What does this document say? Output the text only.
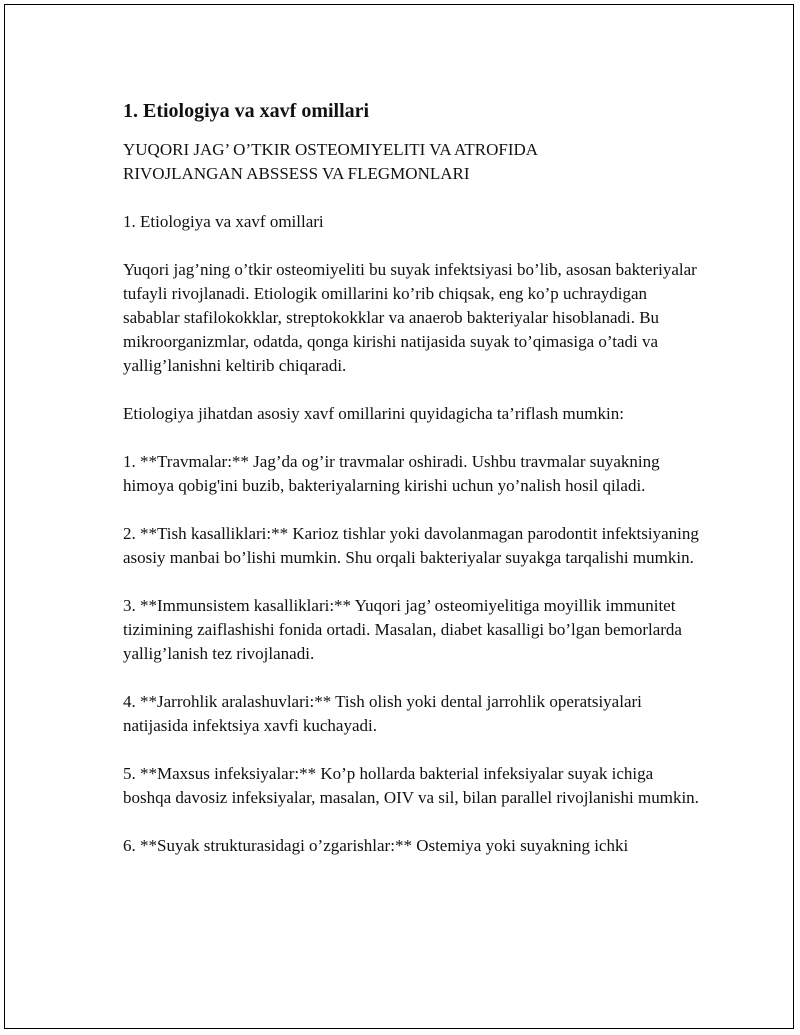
1. Etiologiya va xavf omillari
YUQORI JAG’ O’TKIR OSTEOMIYELITI VA ATROFIDA
RIVOJLANGAN ABSSESS VA FLEGMONLARI

1. Etiologiya va xavf omillari

Yuqori jag’ning o’tkir osteomiyeliti bu suyak infektsiyasi bo’lib, asosan bakteriyalar tufayli rivojlanadi. Etiologik omillarini ko’rib chiqsak, eng ko’p uchraydigan sabablar stafilokokklar, streptokokklar va anaerob bakteriyalar hisoblanadi. Bu mikroorganizmlar, odatda, qonga kirishi natijasida suyak to’qimasiga o’tadi va yallig’lanishni keltirib chiqaradi.

Etiologiya jihatdan asosiy xavf omillarini quyidagicha ta’riflash mumkin:

1. **Travmalar:** Jag’da og’ir travmalar oshiradi. Ushbu travmalar suyakning himoya qobig'ini buzib, bakteriyalarning kirishi uchun yo’nalish hosil qiladi.

2. **Tish kasalliklari:** Karioz tishlar yoki davolanmagan parodontit infektsiyaning asosiy manbai bo’lishi mumkin. Shu orqali bakteriyalar suyakga tarqalishi mumkin.

3. **Immunsistem kasalliklari:** Yuqori jag’ osteomiyelitiga moyillik immunitet tizimining zaiflashishi fonida ortadi. Masalan, diabet kasalligi bo’lgan bemorlarda yallig’lanish tez rivojlanadi.

4. **Jarrohlik aralashuvlari:** Tish olish yoki dental jarrohlik operatsiyalari natijasida infektsiya xavfi kuchayadi.

5. **Maxsus infeksiyalar:** Ko’p hollarda bakterial infeksiyalar suyak ichiga boshqa davosiz infeksiyalar, masalan, OIV va sil, bilan parallel rivojlanishi mumkin.

6. **Suyak strukturasidagi o’zgarishlar:** Ostemiya yoki suyakning ichki
